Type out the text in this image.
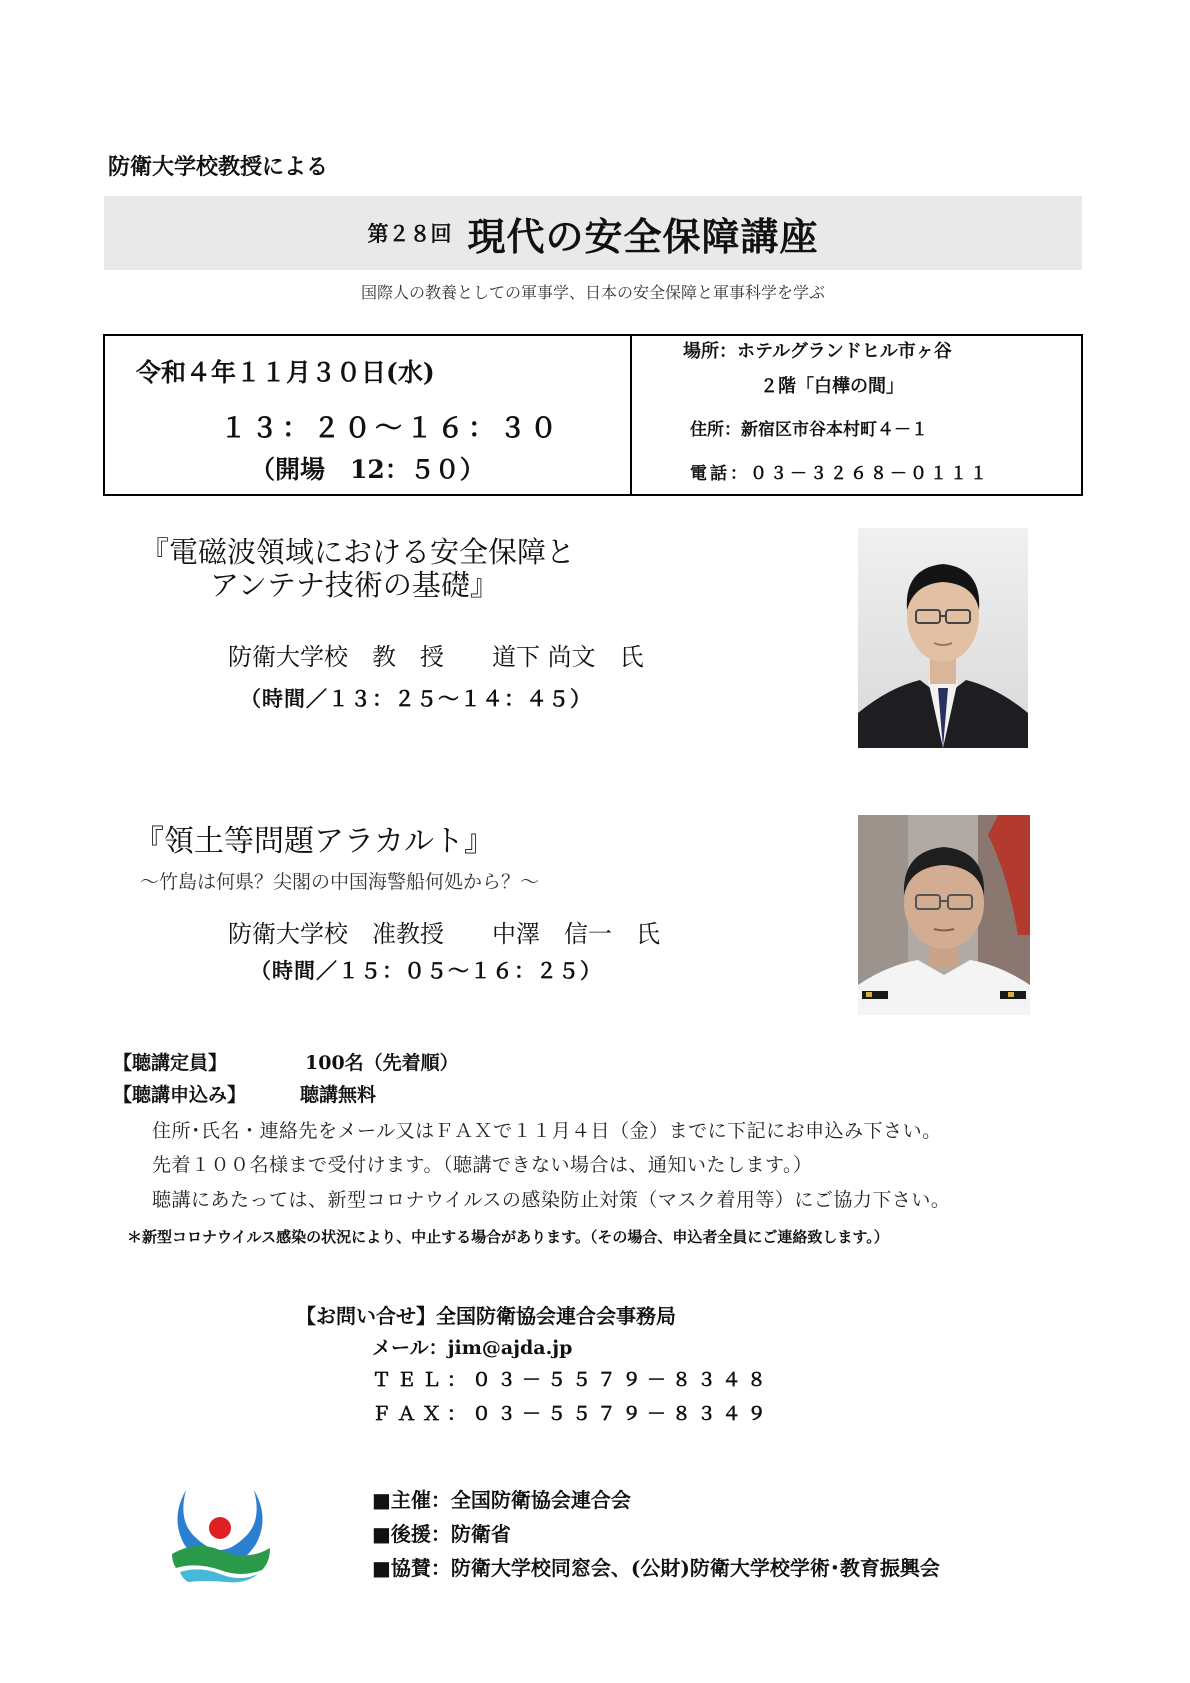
防衛大学校教授による
第２８回 現代の安全保障講座
国際人の教養としての軍事学、日本の安全保障と軍事科学を学ぶ
令和４年１１月３０日(水)
１３：２０～１６：３０
（開場　12：５０）
場所：ホテルグランドヒル市ヶ谷
２階「白樺の間」
住所：新宿区市谷本村町４－１
電話：０３－３２６８－０１１１
『電磁波領域における安全保障と
アンテナ技術の基礎』
防衛大学校　教　授　　道下 尚文　氏
（時間／１３：２５～１４：４５）
『領土等問題アラカルト』
～竹島は何県？尖閣の中国海警船何処から？～
防衛大学校　准教授　　中澤　信一　氏
（時間／１５：０５～１６：２５）
【聴講定員】	100名（先着順）
【聴講申込み】	聴講無料
住所･氏名・連絡先をメール又はＦＡＸで１１月４日（金）までに下記にお申込み下さい。
先着１００名様まで受付けます。（聴講できない場合は、通知いたします。）
聴講にあたっては、新型コロナウイルスの感染防止対策（マスク着用等）にご協力下さい。
＊新型コロナウイルス感染の状況により、中止する場合があります。（その場合、申込者全員にご連絡致します。）
【お問い合せ】全国防衛協会連合会事務局
メール：jim@ajda.jp
ＴＥＬ：０３－５５７９－８３４８
ＦＡＸ：０３－５５７９－８３４９
■主催：全国防衛協会連合会
■後援：防衛省
■協賛：防衛大学校同窓会、(公財)防衛大学校学術･教育振興会
